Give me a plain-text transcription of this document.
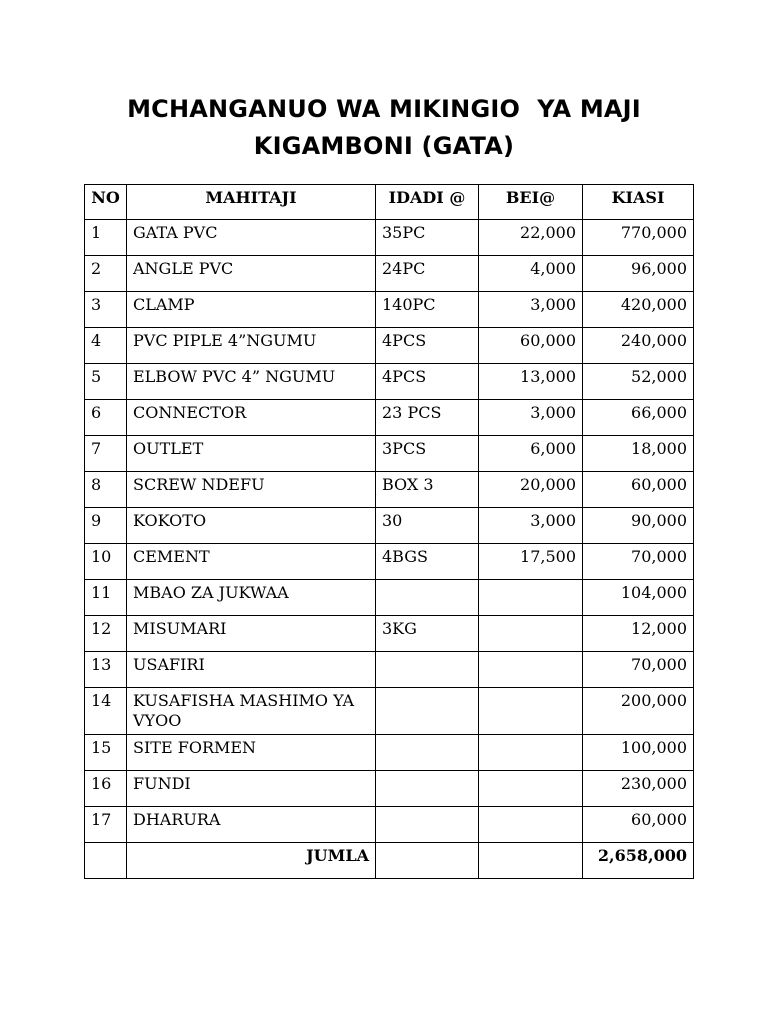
MCHANGANUO WA MIKINGIO  YA MAJI
KIGAMBONI (GATA)
NO	MAHITAJI	IDADI @	BEI@	KIASI
1	GATA PVC	35PC	22,000	770,000
2	ANGLE PVC	24PC	4,000	96,000
3	CLAMP	140PC	3,000	420,000
4	PVC PIPLE 4”NGUMU	4PCS	60,000	240,000
5	ELBOW PVC 4” NGUMU	4PCS	13,000	52,000
6	CONNECTOR	23 PCS	3,000	66,000
7	OUTLET	3PCS	6,000	18,000
8	SCREW NDEFU	BOX 3	20,000	60,000
9	KOKOTO	30	3,000	90,000
10	CEMENT	4BGS	17,500	70,000
11	MBAO ZA JUKWAA			104,000
12	MISUMARI	3KG		12,000
13	USAFIRI			70,000
14	KUSAFISHA MASHIMO YA VYOO			200,000
15	SITE FORMEN			100,000
16	FUNDI			230,000
17	DHARURA			60,000
	JUMLA			2,658,000
